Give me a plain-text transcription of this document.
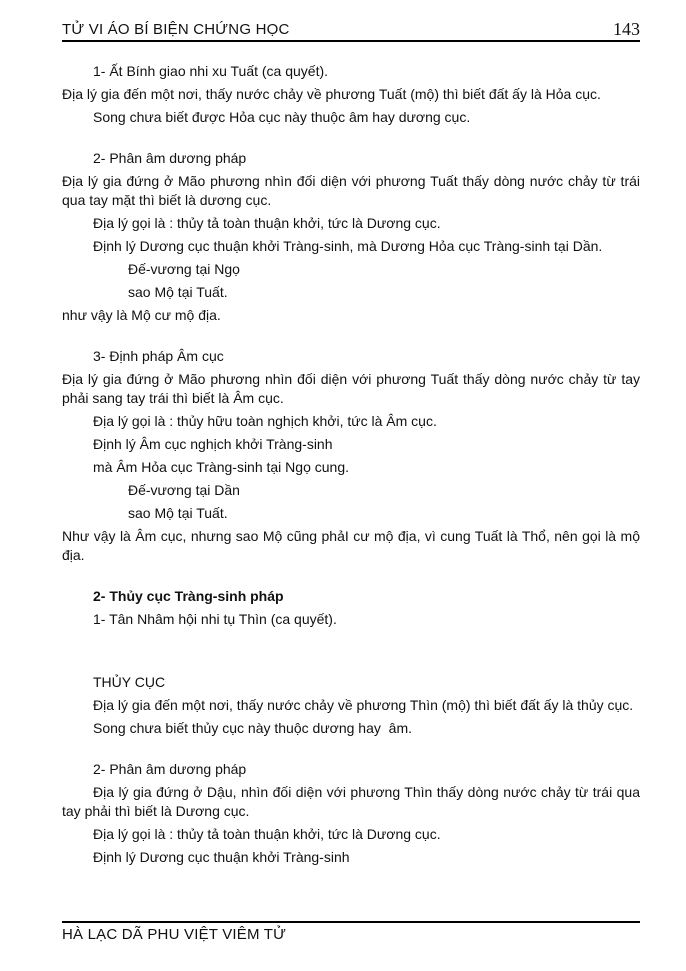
TỬ VI ÁO BÍ BIỆN CHỨNG HỌC	143

1- Ất Bính giao nhi xu Tuất (ca quyết).

Địa lý gia đến một nơi, thấy nước chảy về phương Tuất (mộ) thì biết đất ấy là Hỏa cục.

Song chưa biết được Hỏa cục này thuộc âm hay dương cục.

2- Phân âm dương pháp

Địa lý gia đứng ở Mão phương nhìn đối diện với phương Tuất thấy dòng nước chảy từ trái qua tay mặt thì biết là dương cục.

Địa lý gọi là : thủy tả toàn thuận khởi, tức là Dương cục.

Định lý Dương cục thuận khởi Tràng-sinh, mà Dương Hỏa cục Tràng-sinh tại Dần.

Đế-vương tại Ngọ

sao Mộ tại Tuất.

như vậy là Mộ cư mộ địa.

3- Định pháp Âm cục

Địa lý gia đứng ở Mão phương nhìn đối diện với phương Tuất thấy dòng nước chảy từ tay phải sang tay trái thì biết là Âm cục.

Địa lý gọi là : thủy hữu toàn nghịch khởi, tức là Âm cục.

Định lý Âm cục nghịch khởi Tràng-sinh

mà Âm Hỏa cục Tràng-sinh tại Ngọ cung.

Đế-vương tại Dần

sao Mộ tại Tuất.

Như vậy là Âm cục, nhưng sao Mộ cũng phảI cư mộ địa, vì cung Tuất là Thổ, nên gọi là mộ địa.

2- Thủy cục Tràng-sinh pháp

1- Tân Nhâm hội nhi tụ Thìn (ca quyết).

THỦY CỤC

Địa lý gia đến một nơi, thấy nước chảy về phương Thìn (mộ) thì biết đất ấy là thủy cục.

Song chưa biết thủy cục này thuộc dương hay  âm.

2- Phân âm dương pháp

Địa lý gia đứng ở Dậu, nhìn đối diện với phương Thìn thấy dòng nước chảy từ trái qua tay phải thì biết là Dương cục.

Địa lý gọi là : thủy tả toàn thuận khởi, tức là Dương cục.

Định lý Dương cục thuận khởi Tràng-sinh

HÀ LẠC DÃ PHU VIỆT VIÊM TỬ
